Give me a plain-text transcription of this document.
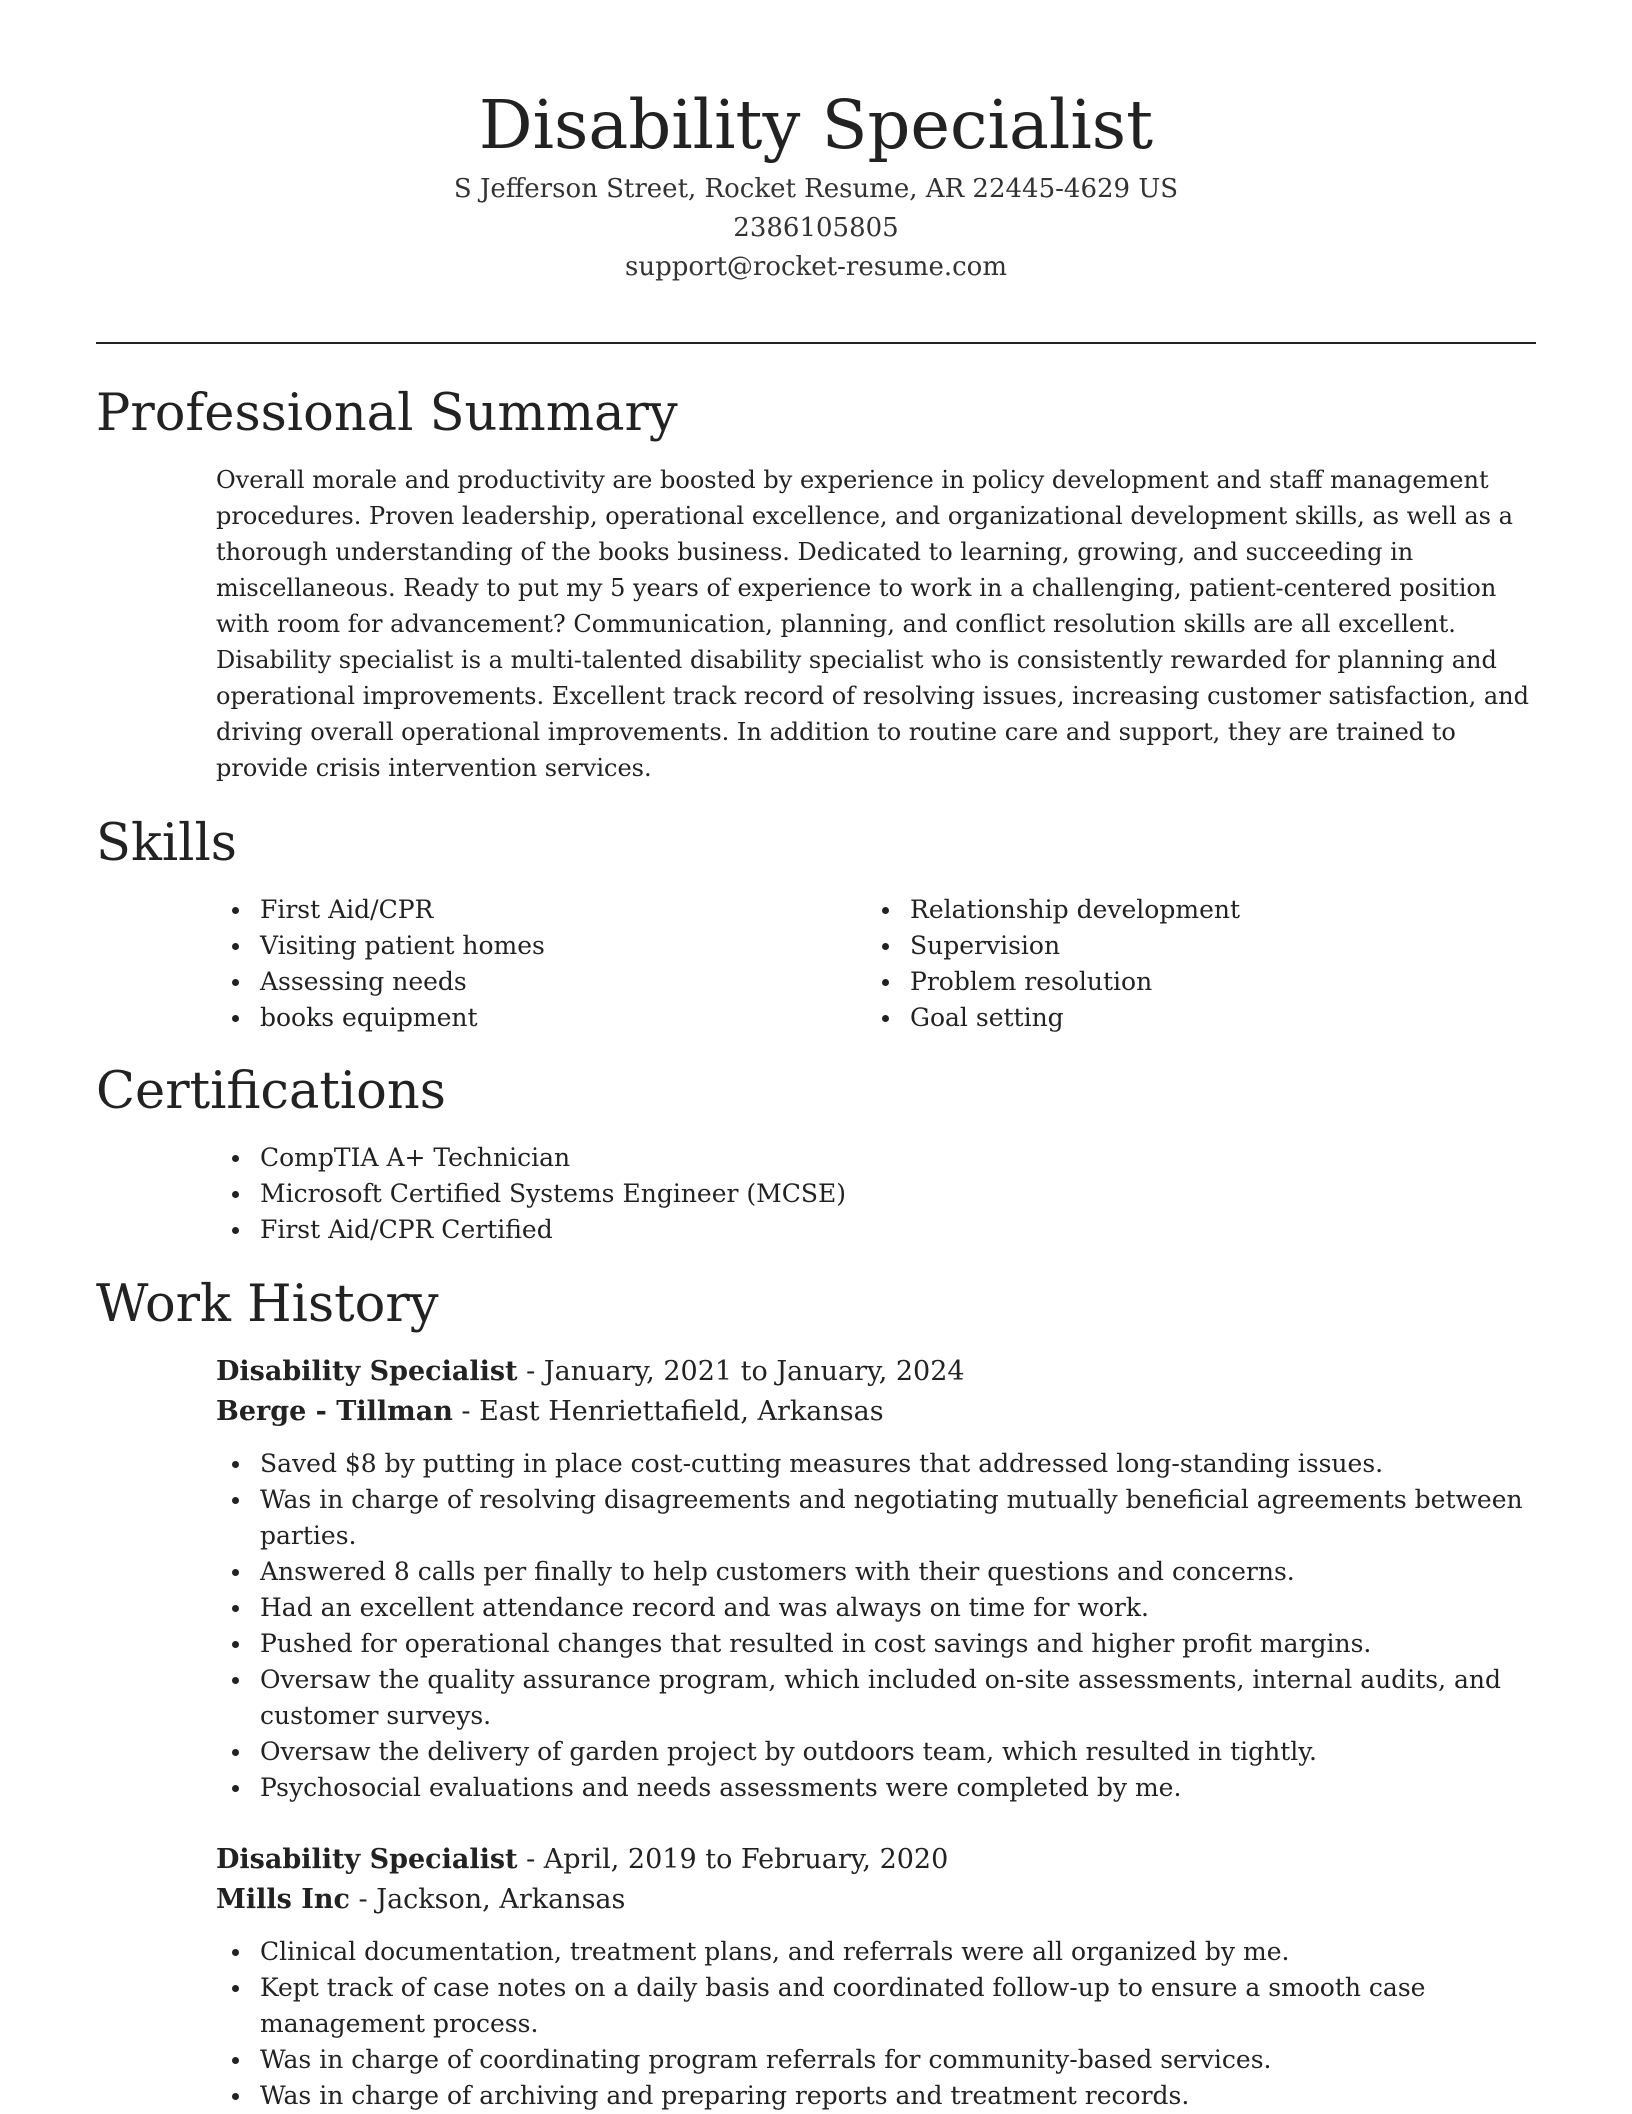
Disability Specialist
S Jefferson Street, Rocket Resume, AR 22445-4629 US
2386105805
support@rocket-resume.com
Professional Summary

Overall morale and productivity are boosted by experience in policy development and staff management procedures. Proven leadership, operational excellence, and organizational development skills, as well as a thorough understanding of the books business. Dedicated to learning, growing, and succeeding in miscellaneous. Ready to put my 5 years of experience to work in a challenging, patient-centered position with room for advancement? Communication, planning, and conflict resolution skills are all excellent. Disability specialist is a multi-talented disability specialist who is consistently rewarded for planning and operational improvements. Excellent track record of resolving issues, increasing customer satisfaction, and driving overall operational improvements. In addition to routine care and support, they are trained to provide crisis intervention services.

Skills
First Aid/CPR
Visiting patient homes
Assessing needs
books equipment
Relationship development
Supervision
Problem resolution
Goal setting
Certifications
CompTIA A+ Technician
Microsoft Certified Systems Engineer (MCSE)
First Aid/CPR Certified
Work History
Disability Specialist - January, 2021 to January, 2024
Berge - Tillman - East Henriettafield, Arkansas
Saved $8 by putting in place cost-cutting measures that addressed long-standing issues.
Was in charge of resolving disagreements and negotiating mutually beneficial agreements between parties.
Answered 8 calls per finally to help customers with their questions and concerns.
Had an excellent attendance record and was always on time for work.
Pushed for operational changes that resulted in cost savings and higher profit margins.
Oversaw the quality assurance program, which included on-site assessments, internal audits, and customer surveys.
Oversaw the delivery of garden project by outdoors team, which resulted in tightly.
Psychosocial evaluations and needs assessments were completed by me.
Disability Specialist - April, 2019 to February, 2020
Mills Inc - Jackson, Arkansas
Clinical documentation, treatment plans, and referrals were all organized by me.
Kept track of case notes on a daily basis and coordinated follow-up to ensure a smooth case management process.
Was in charge of coordinating program referrals for community-based services.
Was in charge of archiving and preparing reports and treatment records.
